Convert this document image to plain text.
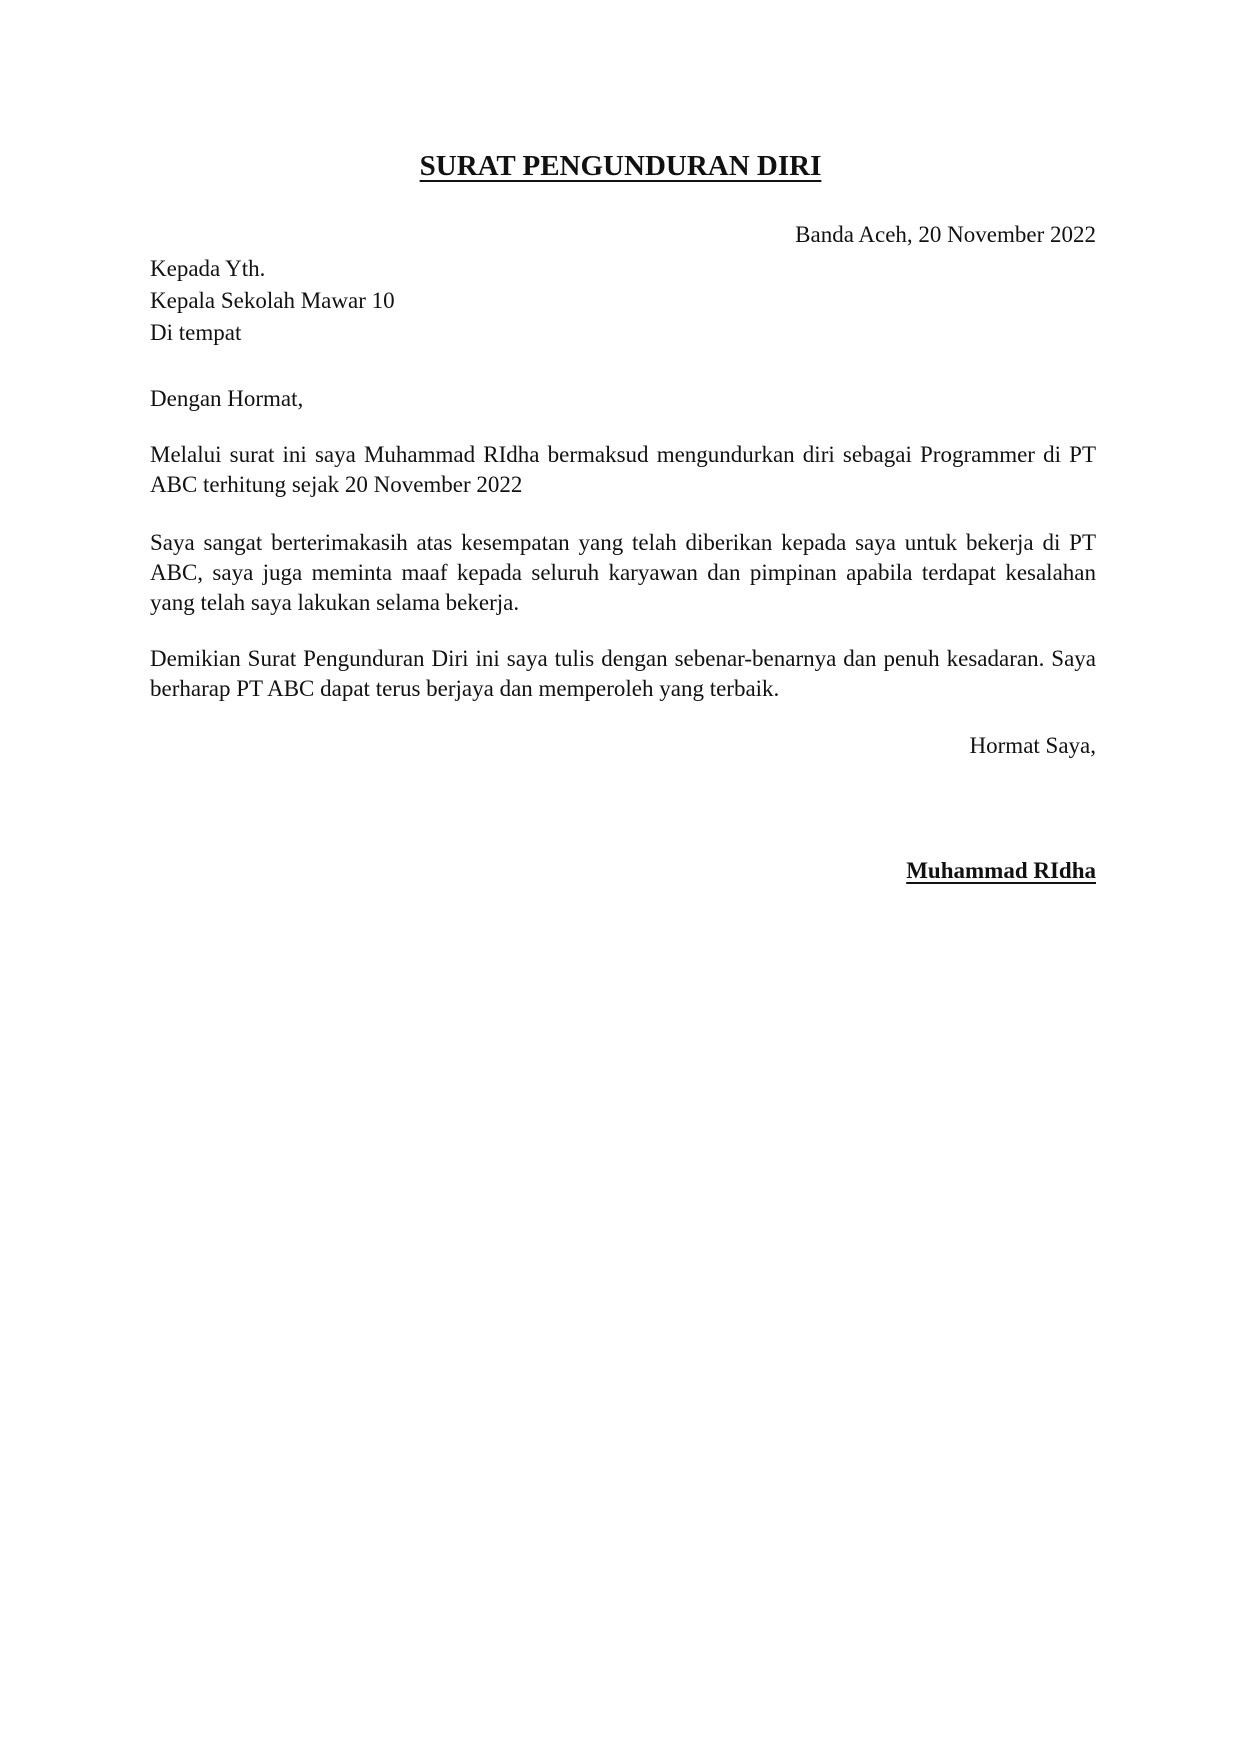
SURAT PENGUNDURAN DIRI
Banda Aceh, 20 November 2022
Kepada Yth.
Kepala Sekolah Mawar 10
Di tempat
Dengan Hormat,
Melalui surat ini saya Muhammad RIdha bermaksud mengundurkan diri sebagai Programmer di PT ABC terhitung sejak 20 November 2022
Saya sangat berterimakasih atas kesempatan yang telah diberikan kepada saya untuk bekerja di PT ABC, saya juga meminta maaf kepada seluruh karyawan dan pimpinan apabila terdapat kesalahan yang telah saya lakukan selama bekerja.
Demikian Surat Pengunduran Diri ini saya tulis dengan sebenar-benarnya dan penuh kesadaran. Saya berharap PT ABC dapat terus berjaya dan memperoleh yang terbaik.
Hormat Saya,
Muhammad RIdha
